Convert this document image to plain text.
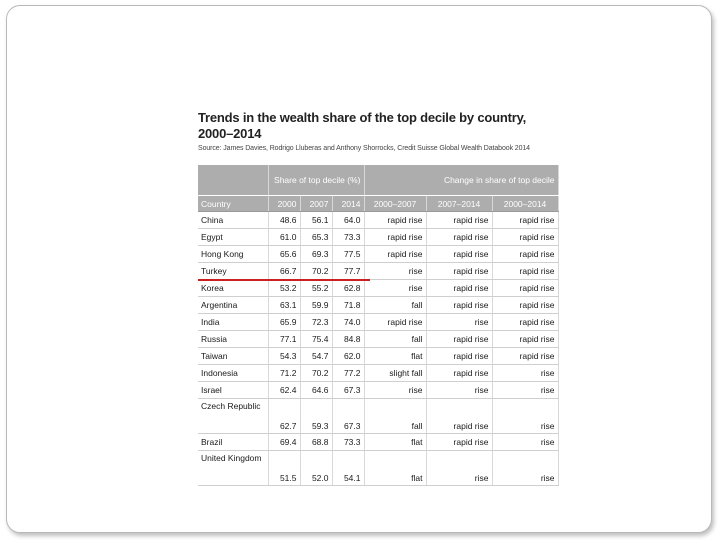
Trends in the wealth share of the top decile by country, 2000–2014
Source: James Davies, Rodrigo Lluberas and Anthony Shorrocks, Credit Suisse Global Wealth Databook 2014
	Share of top decile (%)			Change in share of top decile		
Country	2000	2007	2014	2000–2007	2007–2014	2000–2014
China	48.6	56.1	64.0	rapid rise	rapid rise	rapid rise
Egypt	61.0	65.3	73.3	rapid rise	rapid rise	rapid rise
Hong Kong	65.6	69.3	77.5	rapid rise	rapid rise	rapid rise
Turkey	66.7	70.2	77.7	rise	rapid rise	rapid rise
Korea	53.2	55.2	62.8	rise	rapid rise	rapid rise
Argentina	63.1	59.9	71.8	fall	rapid rise	rapid rise
India	65.9	72.3	74.0	rapid rise	rise	rapid rise
Russia	77.1	75.4	84.8	fall	rapid rise	rapid rise
Taiwan	54.3	54.7	62.0	flat	rapid rise	rapid rise
Indonesia	71.2	70.2	77.2	slight fall	rapid rise	rise
Israel	62.4	64.6	67.3	rise	rise	rise
Czech Republic	62.7	59.3	67.3	fall	rapid rise	rise
Brazil	69.4	68.8	73.3	flat	rapid rise	rise
United Kingdom	51.5	52.0	54.1	flat	rise	rise
